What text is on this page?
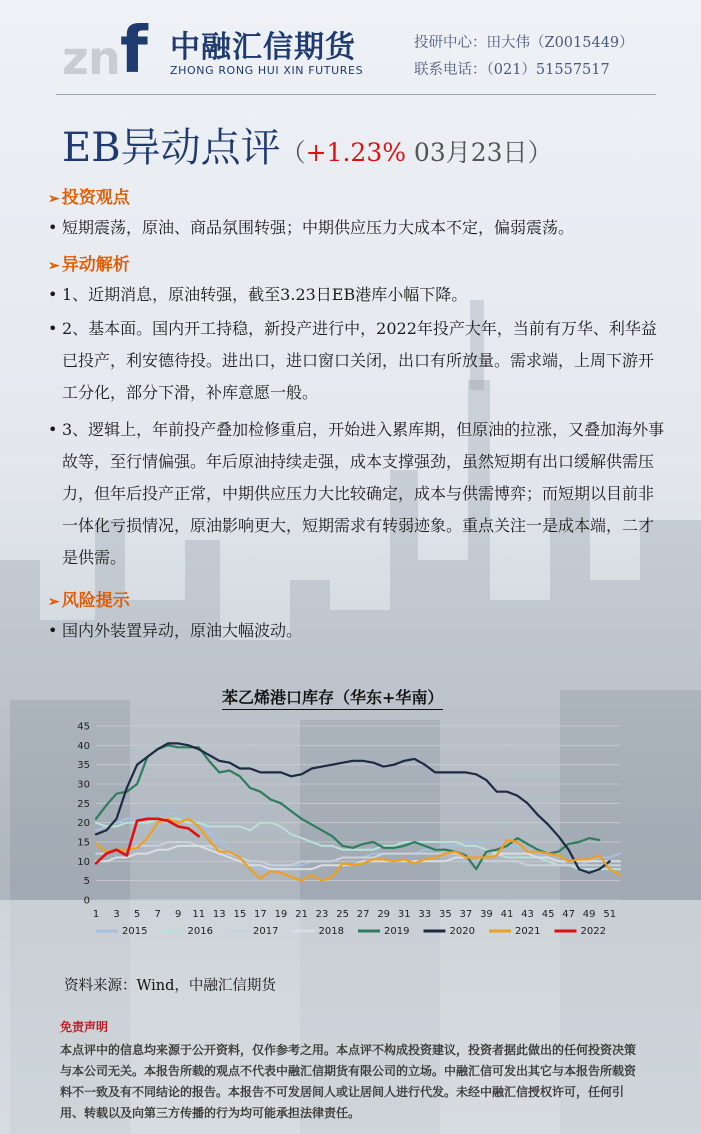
z n f 中融汇信期货
ZHONG RONG HUI XIN FUTURES
投研中心：田大伟（Z0015449）
联系电话：（021）51557517
EB异动点评（+1.23% 03月23日）
➢ 投资观点
• 短期震荡，原油、商品氛围转强；中期供应压力大成本不定，偏弱震荡。
➢ 异动解析
• 1、近期消息，原油转强，截至3.23日EB港库小幅下降。
• 2、基本面。国内开工持稳，新投产进行中，2022年投产大年，当前有万华、利华益已投产，利安德待投。进出口，进口窗口关闭，出口有所放量。需求端，上周下游开工分化，部分下滑，补库意愿一般。
• 3、逻辑上，年前投产叠加检修重启，开始进入累库期，但原油的拉涨，又叠加海外事故等，至行情偏强。年后原油持续走强，成本支撑强劲，虽然短期有出口缓解供需压力，但年后投产正常，中期供应压力大比较确定，成本与供需博弈；而短期以目前非一体化亏损情况，原油影响更大，短期需求有转弱迹象。重点关注一是成本端，二才是供需。
➢ 风险提示
• 国内外装置异动，原油大幅波动。
苯乙烯港口库存（华东+华南）
0
5
10
15
20
25
30
35
40
45
1 3 5 7 9 11 13 15 17 19 21 23 25 27 29 31 33 35 37 39 41 43 45 47 49 51
2015	2016	2017	2018	2019	2020	2021	2022
资料来源：Wind，中融汇信期货
免责声明
本点评中的信息均来源于公开资料，仅作参考之用。本点评不构成投资建议，投资者据此做出的任何投资决策与本公司无关。本报告所载的观点不代表中融汇信期货有限公司的立场。中融汇信可发出其它与本报告所载资料不一致及有不同结论的报告。本报告不可发居间人或让居间人进行代发。未经中融汇信授权许可，任何引用、转载以及向第三方传播的行为均可能承担法律责任。
